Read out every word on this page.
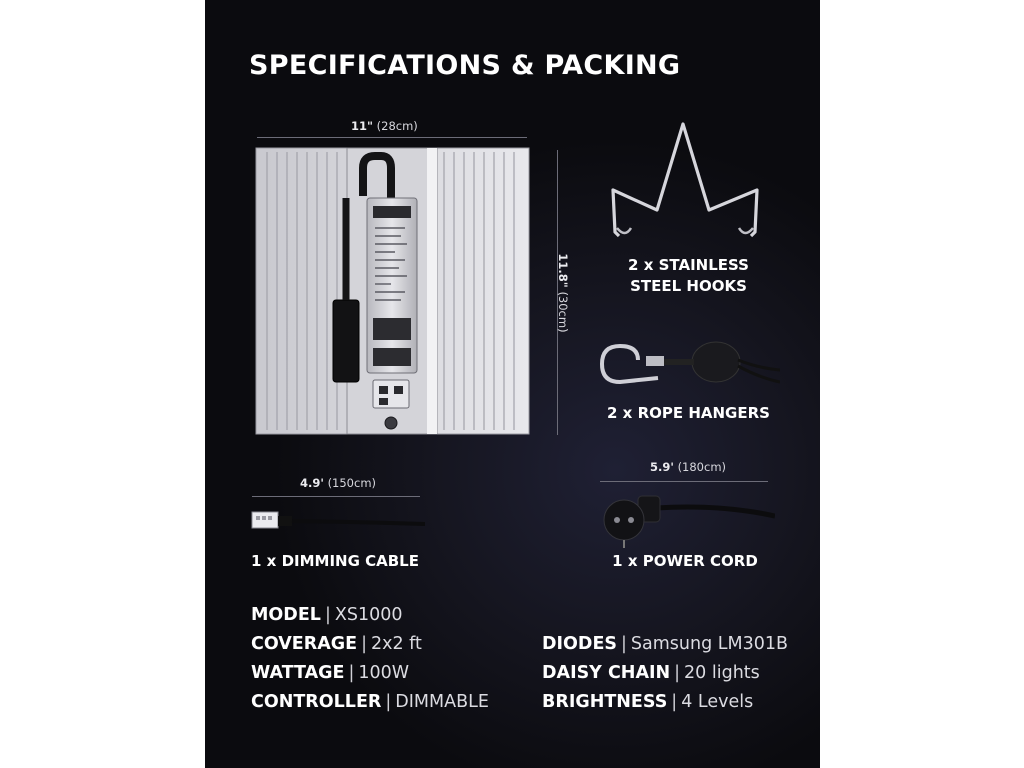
SPECIFICATIONS & PACKING
11" (28cm)
11.8" (30cm)
2 x STAINLESS
STEEL HOOKS
2 x ROPE HANGERS
4.9' (150cm)
1 x DIMMING CABLE
5.9' (180cm)
1 x POWER CORD
MODEL | XS1000
COVERAGE | 2x2 ft
WATTAGE | 100W
CONTROLLER | DIMMABLE
DIODES | Samsung LM301B
DAISY CHAIN | 20 lights
BRIGHTNESS | 4 Levels
